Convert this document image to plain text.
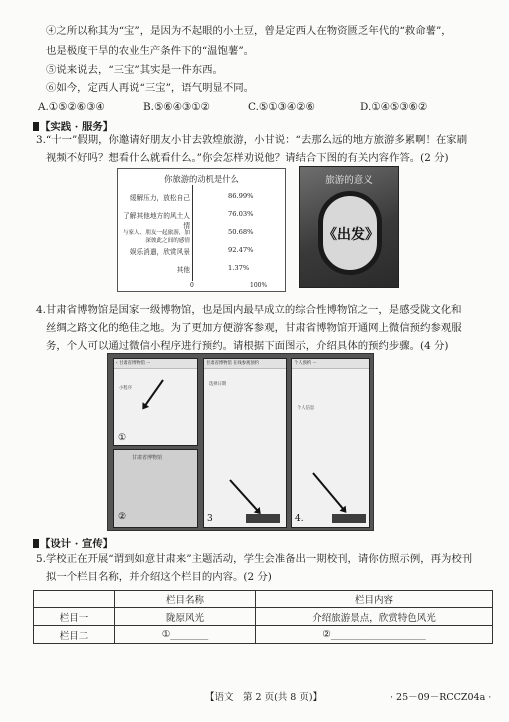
④之所以称其为“宝”，是因为不起眼的小土豆，曾是定西人在物资匮乏年代的“救命薯”，
也是极度干旱的农业生产条件下的“温饱薯”。
⑤说来说去，“三宝”其实是一件东西。
⑥如今，定西人再说“三宝”，语气明显不同。
A.①⑤②⑥③④	B.⑤⑥④③①②	C.⑤①③④②⑥	D.①④⑤③⑥②
【实践 · 服务】
3.“十一”假期，你邀请好朋友小甘去敦煌旅游，小甘说：“去那么远的地方旅游多累啊！在家刷
视频不好吗？想看什么就看什么。”你会怎样劝说他？请结合下图的有关内容作答。(2 分)
你旅游的动机是什么
缓解压力，放松自己	86.99%
了解其他地方的风土人情
76.03%
与家人、朋友一起旅游，加深彼此之间的感情
50.68%
娱乐消遣，欣赏风景	92.47%
其他	1.37%
0	100%
旅游的意义
《出发》
4.甘肃省博物馆是国家一级博物馆，也是国内最早成立的综合性博物馆之一，是感受陇文化和
丝绸之路文化的绝佳之地。为了更加方便游客参观，甘肃省博物馆开通网上微信预约参观服
务，个人可以通过微信小程序进行预约。请根据下面图示，介绍具体的预约步骤。(4 分)
‹ 甘肃省博物馆 ···
小程序
①
甘肃省博物馆
②
甘肃省博物馆 在线参观预约
选择日期
3
个人预约 ···
个人信息
4.
【设计 · 宣传】
5.学校正在开展“谓到如意甘肃来”主题活动，学生会准备出一期校刊，请你仿照示例，再为校刊
拟一个栏目名称，并介绍这个栏目的内容。(2 分)
	栏目名称	栏目内容
栏目一	陇原风光	介绍旅游景点，欣赏特色风光
栏目二	①________	②____________________
【语文　第 2 页(共 8 页)】	· 25－09－RCCZ04a ·
